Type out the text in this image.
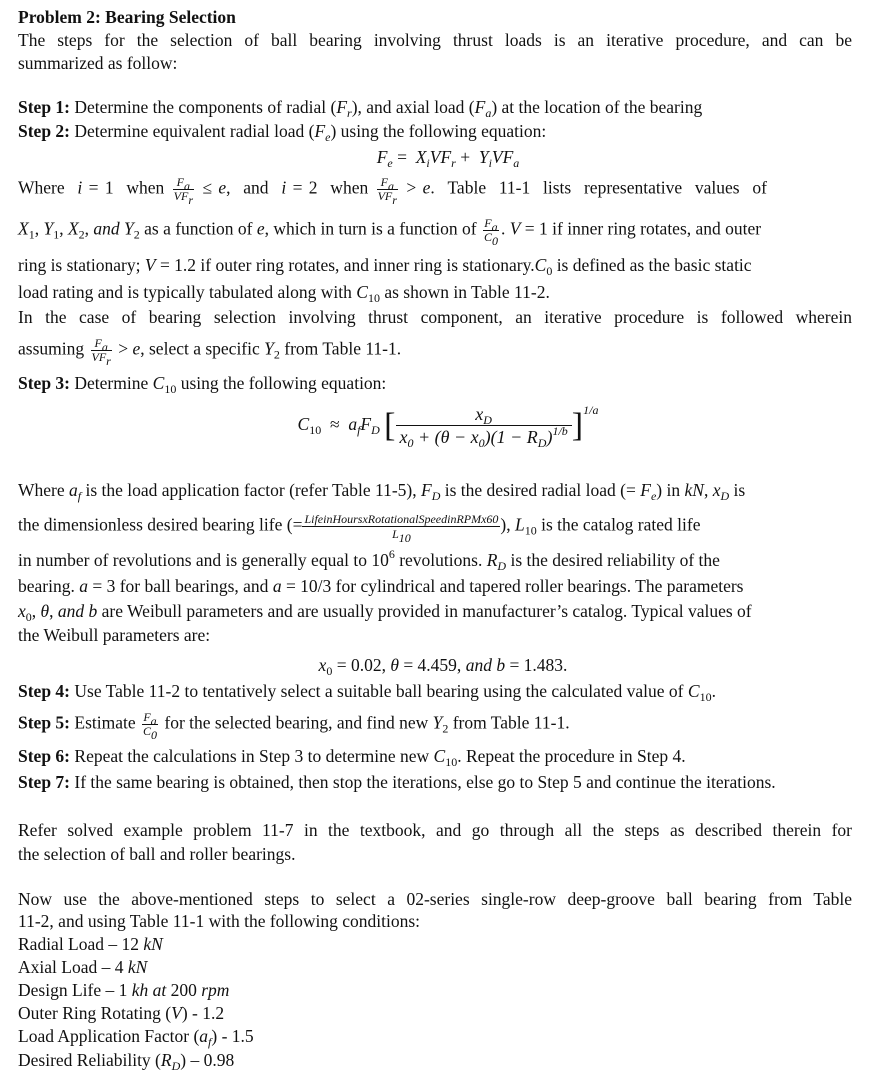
Problem 2: Bearing Selection
The steps for the selection of ball bearing involving thrust loads is an iterative procedure, and can be
summarized as follow:
Step 1: Determine the components of radial $(F_r)$, and axial load $(F_a)$ at the location of the bearing
Step 2: Determine equivalent radial load $(F_e)$ using the following equation:
$F_e = X_iVF_r + Y_iVF_a$
Where  i = 1  when $\frac{F_a}{VF_r} \le e$,  and  i = 2  when $\frac{F_a}{VF_r} > e$.  Table  11-1  lists  representative  values  of
$X_1$, $Y_1$, $X_2$, and $Y_2$ as a function of e, which in turn is a function of $\frac{F_a}{C_0}$ . V = 1 if inner ring rotates, and outer
ring is stationary; V = 1.2 if outer ring rotates, and inner ring is $stationary.C_0$ is defined as the basic static
load rating and is typically tabulated along with $C_{10}$ as shown in Table 11-2.
In the case of bearing selection involving thrust component, an iterative procedure is followed wherein
assuming $\frac{F_a}{VF_r} > e$, select a specific $Y_2$ from Table 11-1.
Step 3: Determine $C_{10}$ using the following equation:
$C_{10} \approx a_fF_D$ [ $\frac{x_D}{x_0 + (\theta - x_0)(1 - R_D)^{1/b}} ]^{1/a}$
Where $a_f$ is the load application factor (refer Table 11-5), $F_D$ is the desired radial load (= $F_e$) in kN, $x_D$ is
the dimensionless desired bearing life (= LifeinHoursxRotationalSpeedinRPMx60
$L_{10}$
), $L_{10}$ is the catalog rated life
in number of revolutions and is generally equal to $10^6$ revolutions. $R_D$ is the desired reliability of the
bearing. a = 3 for ball bearings, and a = 10/3 for cylindrical and tapered roller bearings. The parameters
$x_0$, θ, and b are Weibull parameters and are usually provided in manufacturer’s catalog. Typical values of
the Weibull parameters are:
$x_0 = 0.02$, θ = 4.459, and b = 1.483.
Step 4: Use Table 11-2 to tentatively select a suitable ball bearing using the calculated value of $C_{10}$.
Step 5: Estimate $\frac{F_a}{C_0}$ for the selected bearing, and find new $Y_2$ from Table 11-1.
Step 6: Repeat the calculations in Step 3 to determine new $C_{10}$. Repeat the procedure in Step 4.
Step 7: If the same bearing is obtained, then stop the iterations, else go to Step 5 and continue the iterations.
Refer solved example problem 11-7 in the textbook, and go through all the steps as described therein for
the selection of ball and roller bearings.
Now use the above-mentioned steps to select a 02-series single-row deep-groove ball bearing from Table
11-2, and using Table 11-1 with the following conditions:
Radial Load – 12 kN
Axial Load – 4 kN
Design Life – 1 kh at 200 rpm
Outer Ring Rotating (V) - 1.2
Load Application Factor $(a_f) - 1.5$
Desired Reliability $(R_D) - 0.98$
